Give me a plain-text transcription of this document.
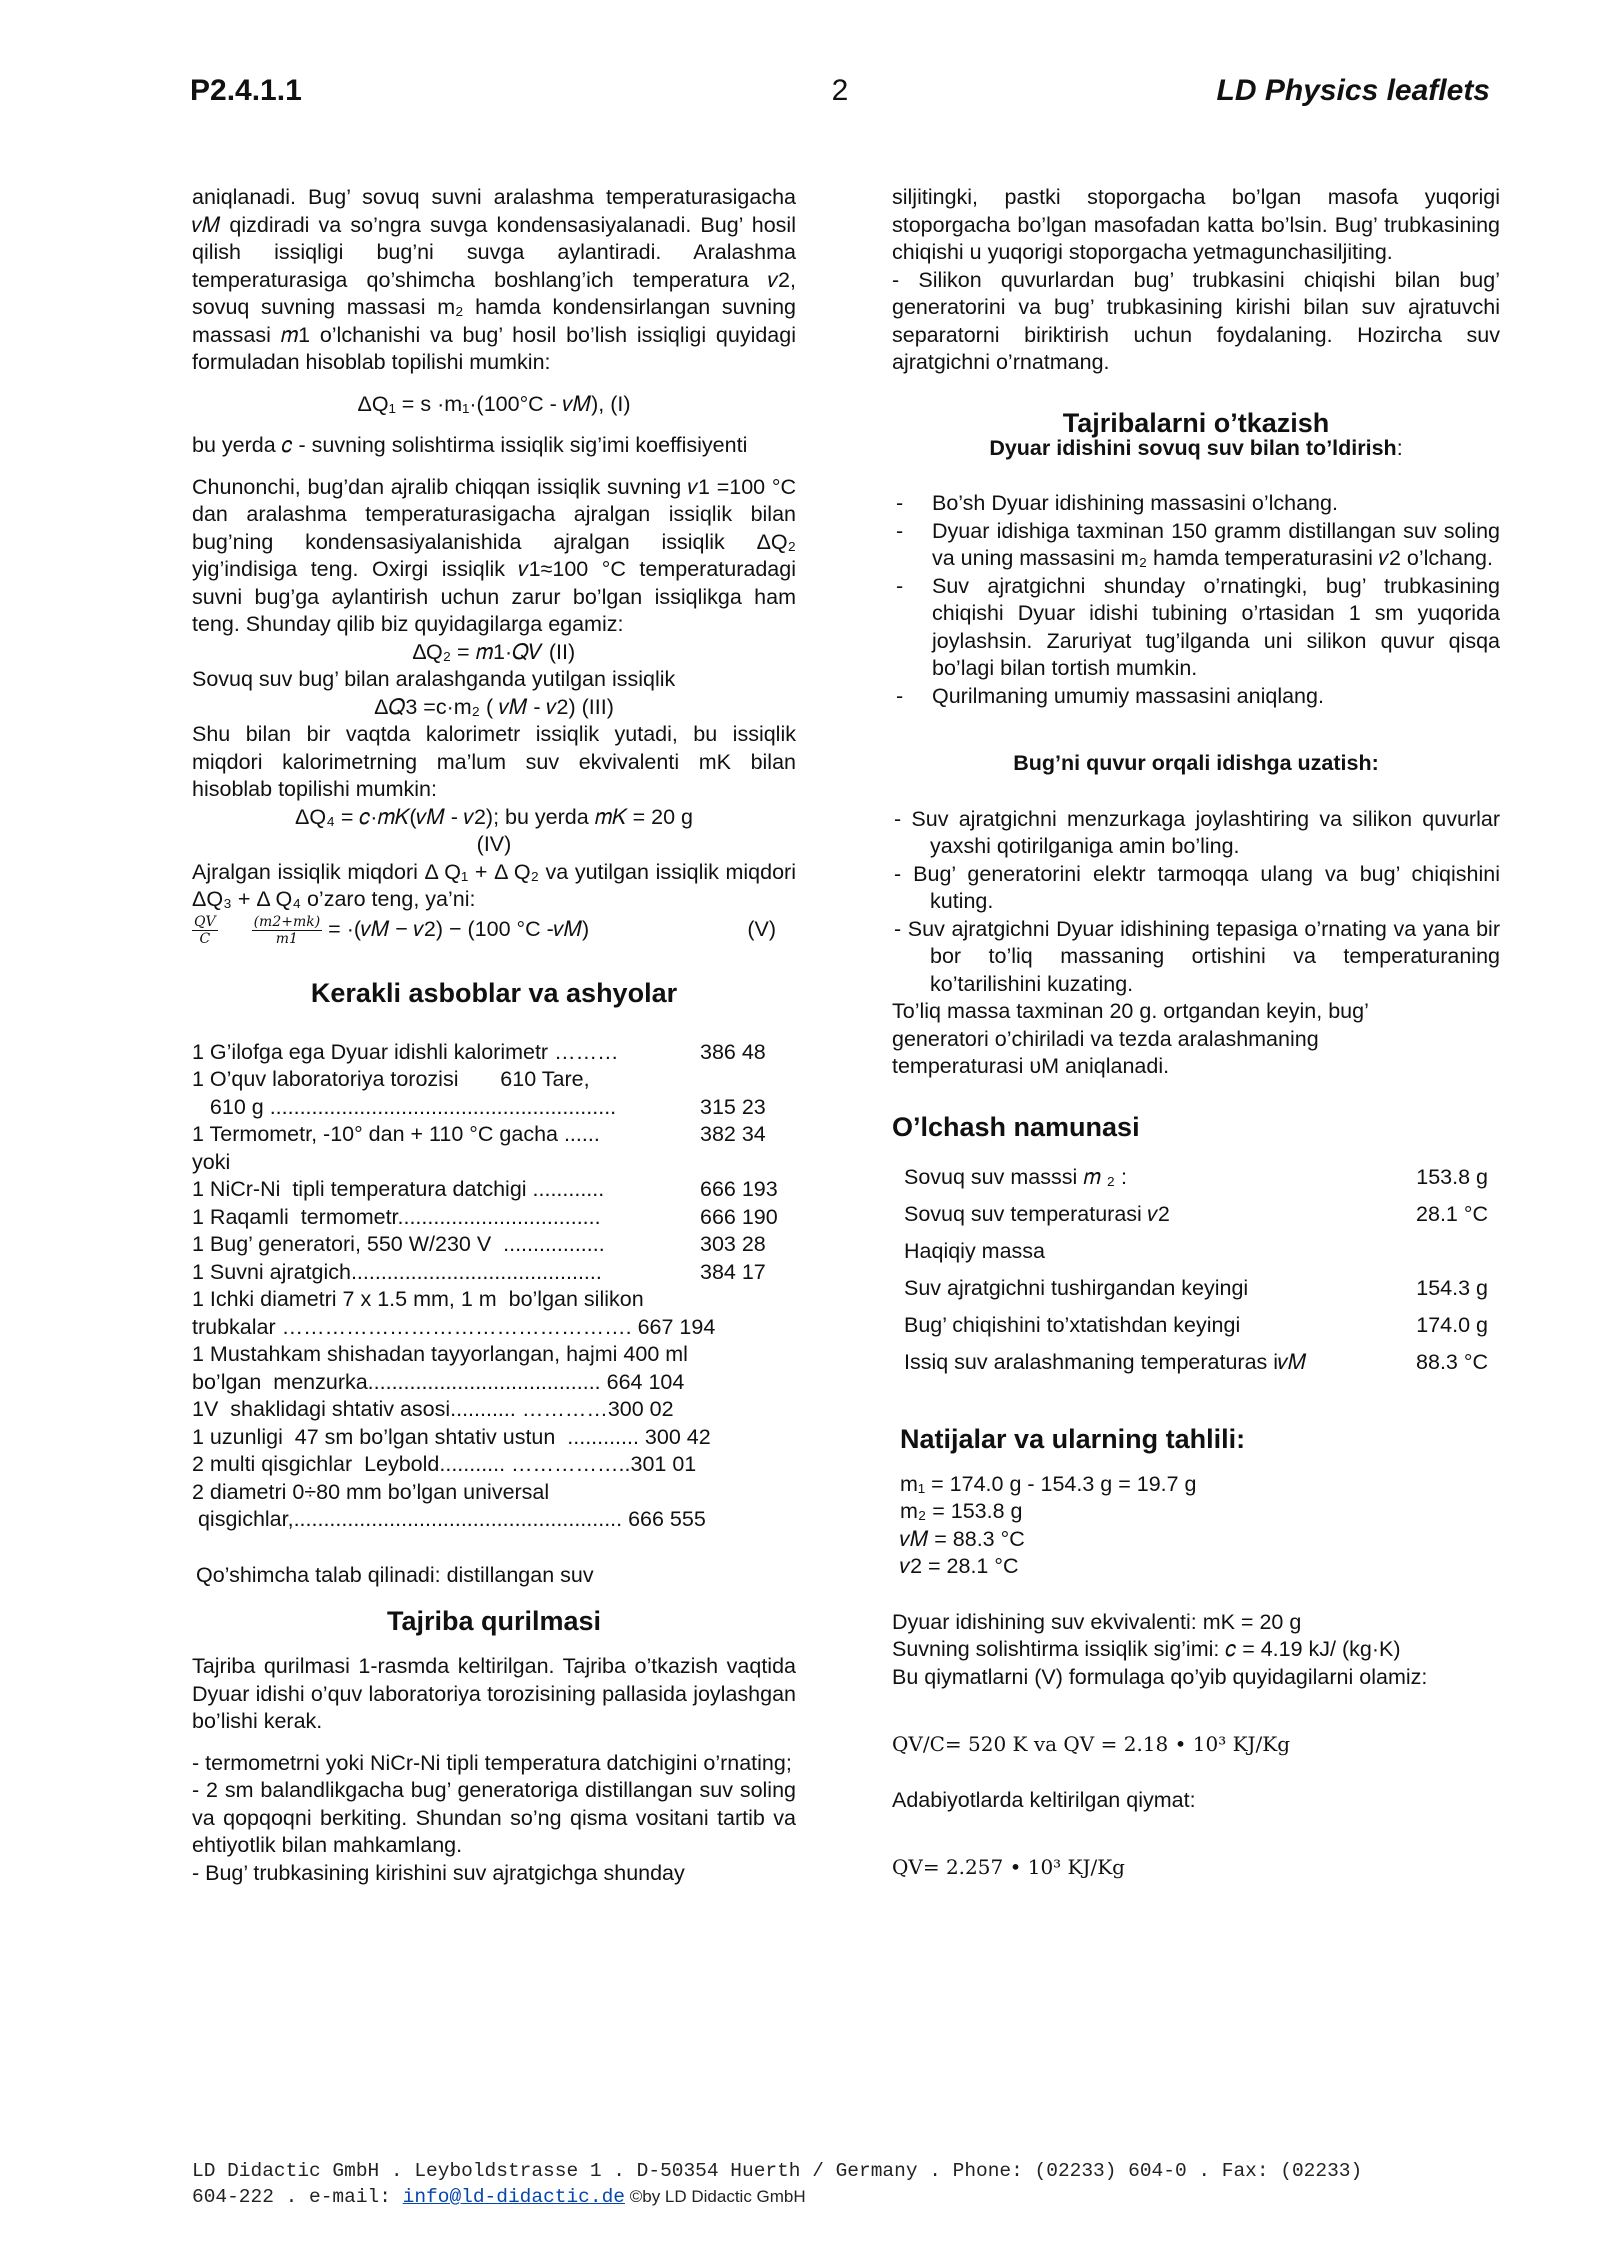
P2.4.1.1	2	LD Physics leaflets

aniqlanadi. Bug’ sovuq suvni aralashma temperaturasigacha 𝑣𝑀 qizdiradi va so’ngra suvga kondensasiyalanadi. Bug’ hosil qilish issiqligi bug’ni suvga aylantiradi. Aralashma temperaturasiga qo’shimcha boshlang’ich temperatura 𝑣2, sovuq suvning massasi m₂ hamda kondensirlangan suvning massasi 𝑚1 o’lchanishi va bug’ hosil bo’lish issiqligi quyidagi formuladan hisoblab topilishi mumkin:

ΔQ₁ = s ·m₁·(100°C - 𝑣𝑀), (I)

bu yerda 𝑐 - suvning solishtirma issiqlik sig’imi koeffisiyenti

Chunonchi, bug’dan ajralib chiqqan issiqlik suvning 𝑣1 =100 °C dan aralashma temperaturasigacha ajralgan issiqlik bilan bug’ning kondensasiyalanishida ajralgan issiqlik ΔQ₂ yig’indisiga teng. Oxirgi issiqlik 𝑣1≈100 °C temperaturadagi suvni bug’ga aylantirish uchun zarur bo’lgan issiqlikga ham teng. Shunday qilib biz quyidagilarga egamiz:

∆Q₂ = 𝑚1·𝑄𝑉 (II)

Sovuq suv bug’ bilan aralashganda yutilgan issiqlik

Δ𝑄3 =c·m₂ ( 𝑣𝑀 - 𝑣2) (III)

Shu bilan bir vaqtda kalorimetr issiqlik yutadi, bu issiqlik miqdori kalorimetrning ma’lum suv ekvivalenti mK bilan hisoblab topilishi mumkin:

ΔQ₄ = 𝑐·𝑚𝐾(𝑣𝑀 - 𝑣2); bu yerda 𝑚𝐾 = 20 g

(IV)

Ajralgan issiqlik miqdori Δ Q₁ + Δ Q₂ va yutilgan issiqlik miqdori ΔQ₃ + Δ Q₄ o’zaro teng, ya’ni:

$\frac{\text{𝑄𝑉}}{\text{𝐶}}$
$\frac{\text{(𝑚2+𝑚𝑘)}}{\text{𝑚1}}$ = ·(𝑣𝑀 − 𝑣2) − (100 °C -𝑣𝑀)	(V)

Kerakli asboblar va ashyolar

1 G’ilofga ega Dyuar idishli kalorimetr ………	386 48
1 O’quv laboratoriya torozisi       610 Tare,
610 g ..........................................................	315 23
1 Termometr, -10° dan + 110 °C gacha ......	382 34
yoki
1 NiCr-Ni  tipli temperatura datchigi ............	666 193
1 Raqamli  termometr..................................	666 190
1 Bug’ generatori, 550 W/230 V  .................	303 28
1 Suvni ajratgich..........................................	384 17
1 Ichki diametri 7 x 1.5 mm, 1 m  bo’lgan silikon
trubkalar …………………………………………. 667 194
1 Mustahkam shishadan tayyorlangan, hajmi 400 ml
bo’lgan  menzurka....................................... 664 104
1V  shaklidagi shtativ asosi........... …………300 02
1 uzunligi  47 sm bo’lgan shtativ ustun  ............ 300 42
2 multi qisgichlar  Leybold........... ……………..301 01
2 diametri 0÷80 mm bo’lgan universal
qisgichlar,....................................................... 666 555

Qo’shimcha talab qilinadi: distillangan suv

Tajriba qurilmasi

Tajriba qurilmasi 1-rasmda keltirilgan. Tajriba o’tkazish vaqtida Dyuar idishi o’quv laboratoriya torozisining pallasida joylashgan bo’lishi kerak.

- termometrni yoki NiCr-Ni tipli temperatura datchigini o’rnating;

- 2 sm balandlikgacha bug’ generatoriga distillangan suv soling va qopqoqni berkiting. Shundan so’ng qisma vositani tartib va ehtiyotlik bilan mahkamlang.

- Bug’ trubkasining kirishini suv ajratgichga shunday

siljitingki, pastki stoporgacha bo’lgan masofa yuqorigi stoporgacha bo’lgan masofadan katta bo’lsin. Bug’ trubkasining chiqishi u yuqorigi stoporgacha yetmagunchasiljiting.

- Silikon quvurlardan bug’ trubkasini chiqishi bilan bug’ generatorini va bug’ trubkasining kirishi bilan suv ajratuvchi separatorni biriktirish uchun foydalaning. Hozircha suv ajratgichni o’rnatmang.

Tajribalarni o’tkazish

Dyuar idishini sovuq suv bilan to’ldirish:

- Bo’sh Dyuar idishining massasini o’lchang.
- Dyuar idishiga taxminan 150 gramm distillangan suv soling va uning massasini m₂ hamda temperaturasini 𝑣2 o’lchang.
- Suv ajratgichni shunday o’rnatingki, bug’ trubkasining chiqishi Dyuar idishi tubining o’rtasidan 1 sm yuqorida joylashsin. Zaruriyat tug’ilganda uni silikon quvur qisqa bo’lagi bilan tortish mumkin.
- Qurilmaning umumiy massasini aniqlang.

Bug’ni quvur orqali idishga uzatish:

- Suv ajratgichni menzurkaga joylashtiring va silikon quvurlar yaxshi qotirilganiga amin bo’ling.

- Bug’ generatorini elektr tarmoqqa ulang va bug’ chiqishini kuting.

- Suv ajratgichni Dyuar idishining tepasiga o’rnating va yana bir bor to’liq massaning ortishini va temperaturaning ko’tarilishini kuzating.

To’liq massa taxminan 20 g. ortgandan keyin, bug’ generatori o’chiriladi va tezda aralashmaning temperaturasi υM aniqlanadi.

O’lchash namunasi

Sovuq suv masssi 𝑚 ₂ :	153.8 g
Sovuq suv temperaturasi 𝑣2	28.1 °C
Haqiqiy massa	
Suv ajratgichni tushirgandan keyingi	154.3 g
Bug’ chiqishini to’xtatishdan keyingi	174.0 g
Issiq suv aralashmaning temperaturas i𝑣𝑀	88.3 °C

Natijalar va ularning tahlili:

m₁ = 174.0 g - 154.3 g = 19.7 g

m₂ = 153.8 g

𝑣𝑀 = 88.3 °C

𝑣2 = 28.1 °C

Dyuar idishining suv ekvivalenti: mK = 20 g

Suvning solishtirma issiqlik sig’imi: 𝑐 = 4.19 kJ/ (kg·K)

Bu qiymatlarni (V) formulaga qo’yib quyidagilarni olamiz:

QV/C= 520 K va QV = 2.18 • 10³ KJ/Kg

Adabiyotlarda keltirilgan qiymat:

QV= 2.257 • 10³ KJ/Kg

LD Didactic GmbH . Leyboldstrasse 1 . D-50354 Huerth / Germany . Phone: (02233) 604-0 . Fax: (02233)
604-222 . e-mail: info@ld-didactic.de ©by LD Didactic GmbH
